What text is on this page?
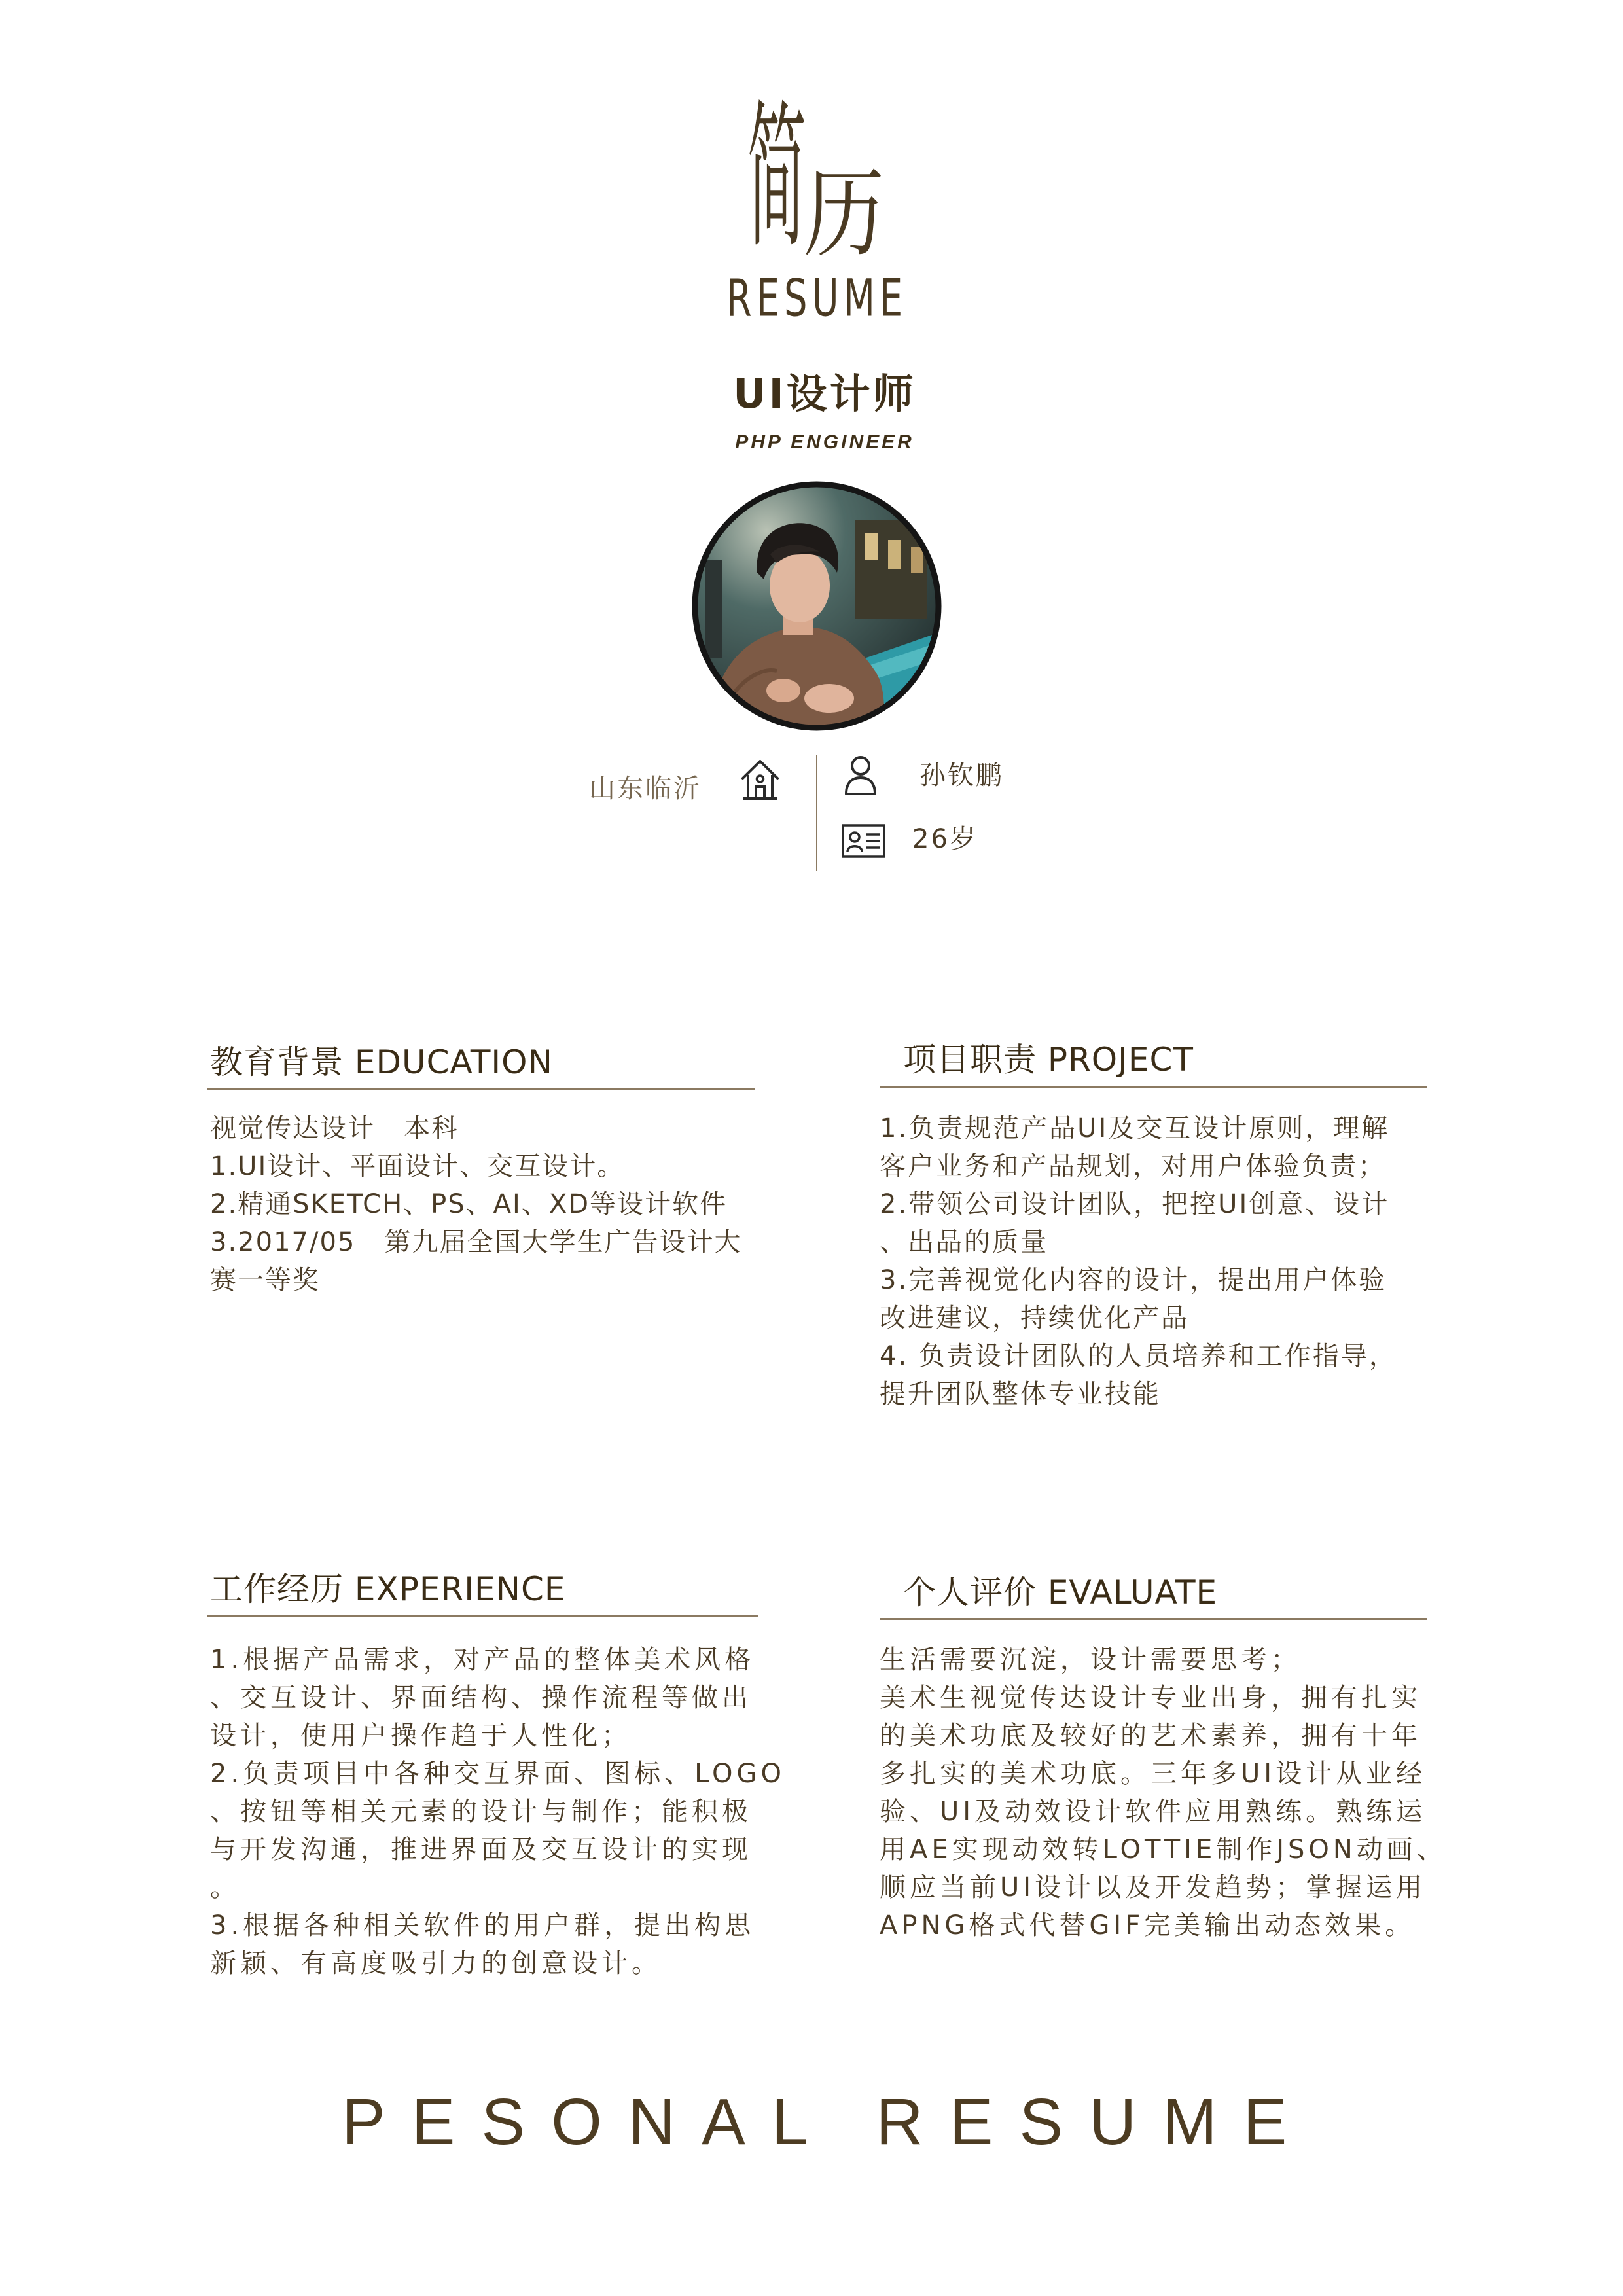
简
历
RESUME
UI设计师
PHP ENGINEER
山东临沂	孙钦鹏
26岁
教育背景 EDUCATION
视觉传达设计   本科
1.UI设计、平面设计、交互设计。
2.精通SKETCH、PS、AI、XD等设计软件
3.2017/05   第九届全国大学生广告设计大
赛一等奖
项目职责 PROJECT
1.负责规范产品UI及交互设计原则，理解
客户业务和产品规划，对用户体验负责；
2.带领公司设计团队，把控UI创意、设计
、出品的质量
3.完善视觉化内容的设计，提出用户体验
改进建议，持续优化产品
4. 负责设计团队的人员培养和工作指导，
提升团队整体专业技能
工作经历 EXPERIENCE
1.根据产品需求，对产品的整体美术风格
、交互设计、界面结构、操作流程等做出
设计，使用户操作趋于人性化；
2.负责项目中各种交互界面、图标、LOGO
、按钮等相关元素的设计与制作；能积极
与开发沟通，推进界面及交互设计的实现
。
3.根据各种相关软件的用户群，提出构思
新颖、有高度吸引力的创意设计。
个人评价 EVALUATE
生活需要沉淀，设计需要思考；
美术生视觉传达设计专业出身，拥有扎实
的美术功底及较好的艺术素养，拥有十年
多扎实的美术功底。三年多UI设计从业经
验、UI及动效设计软件应用熟练。熟练运
用AE实现动效转LOTTIE制作JSON动画、
顺应当前UI设计以及开发趋势；掌握运用
APNG格式代替GIF完美输出动态效果。
PESONAL RESUME
